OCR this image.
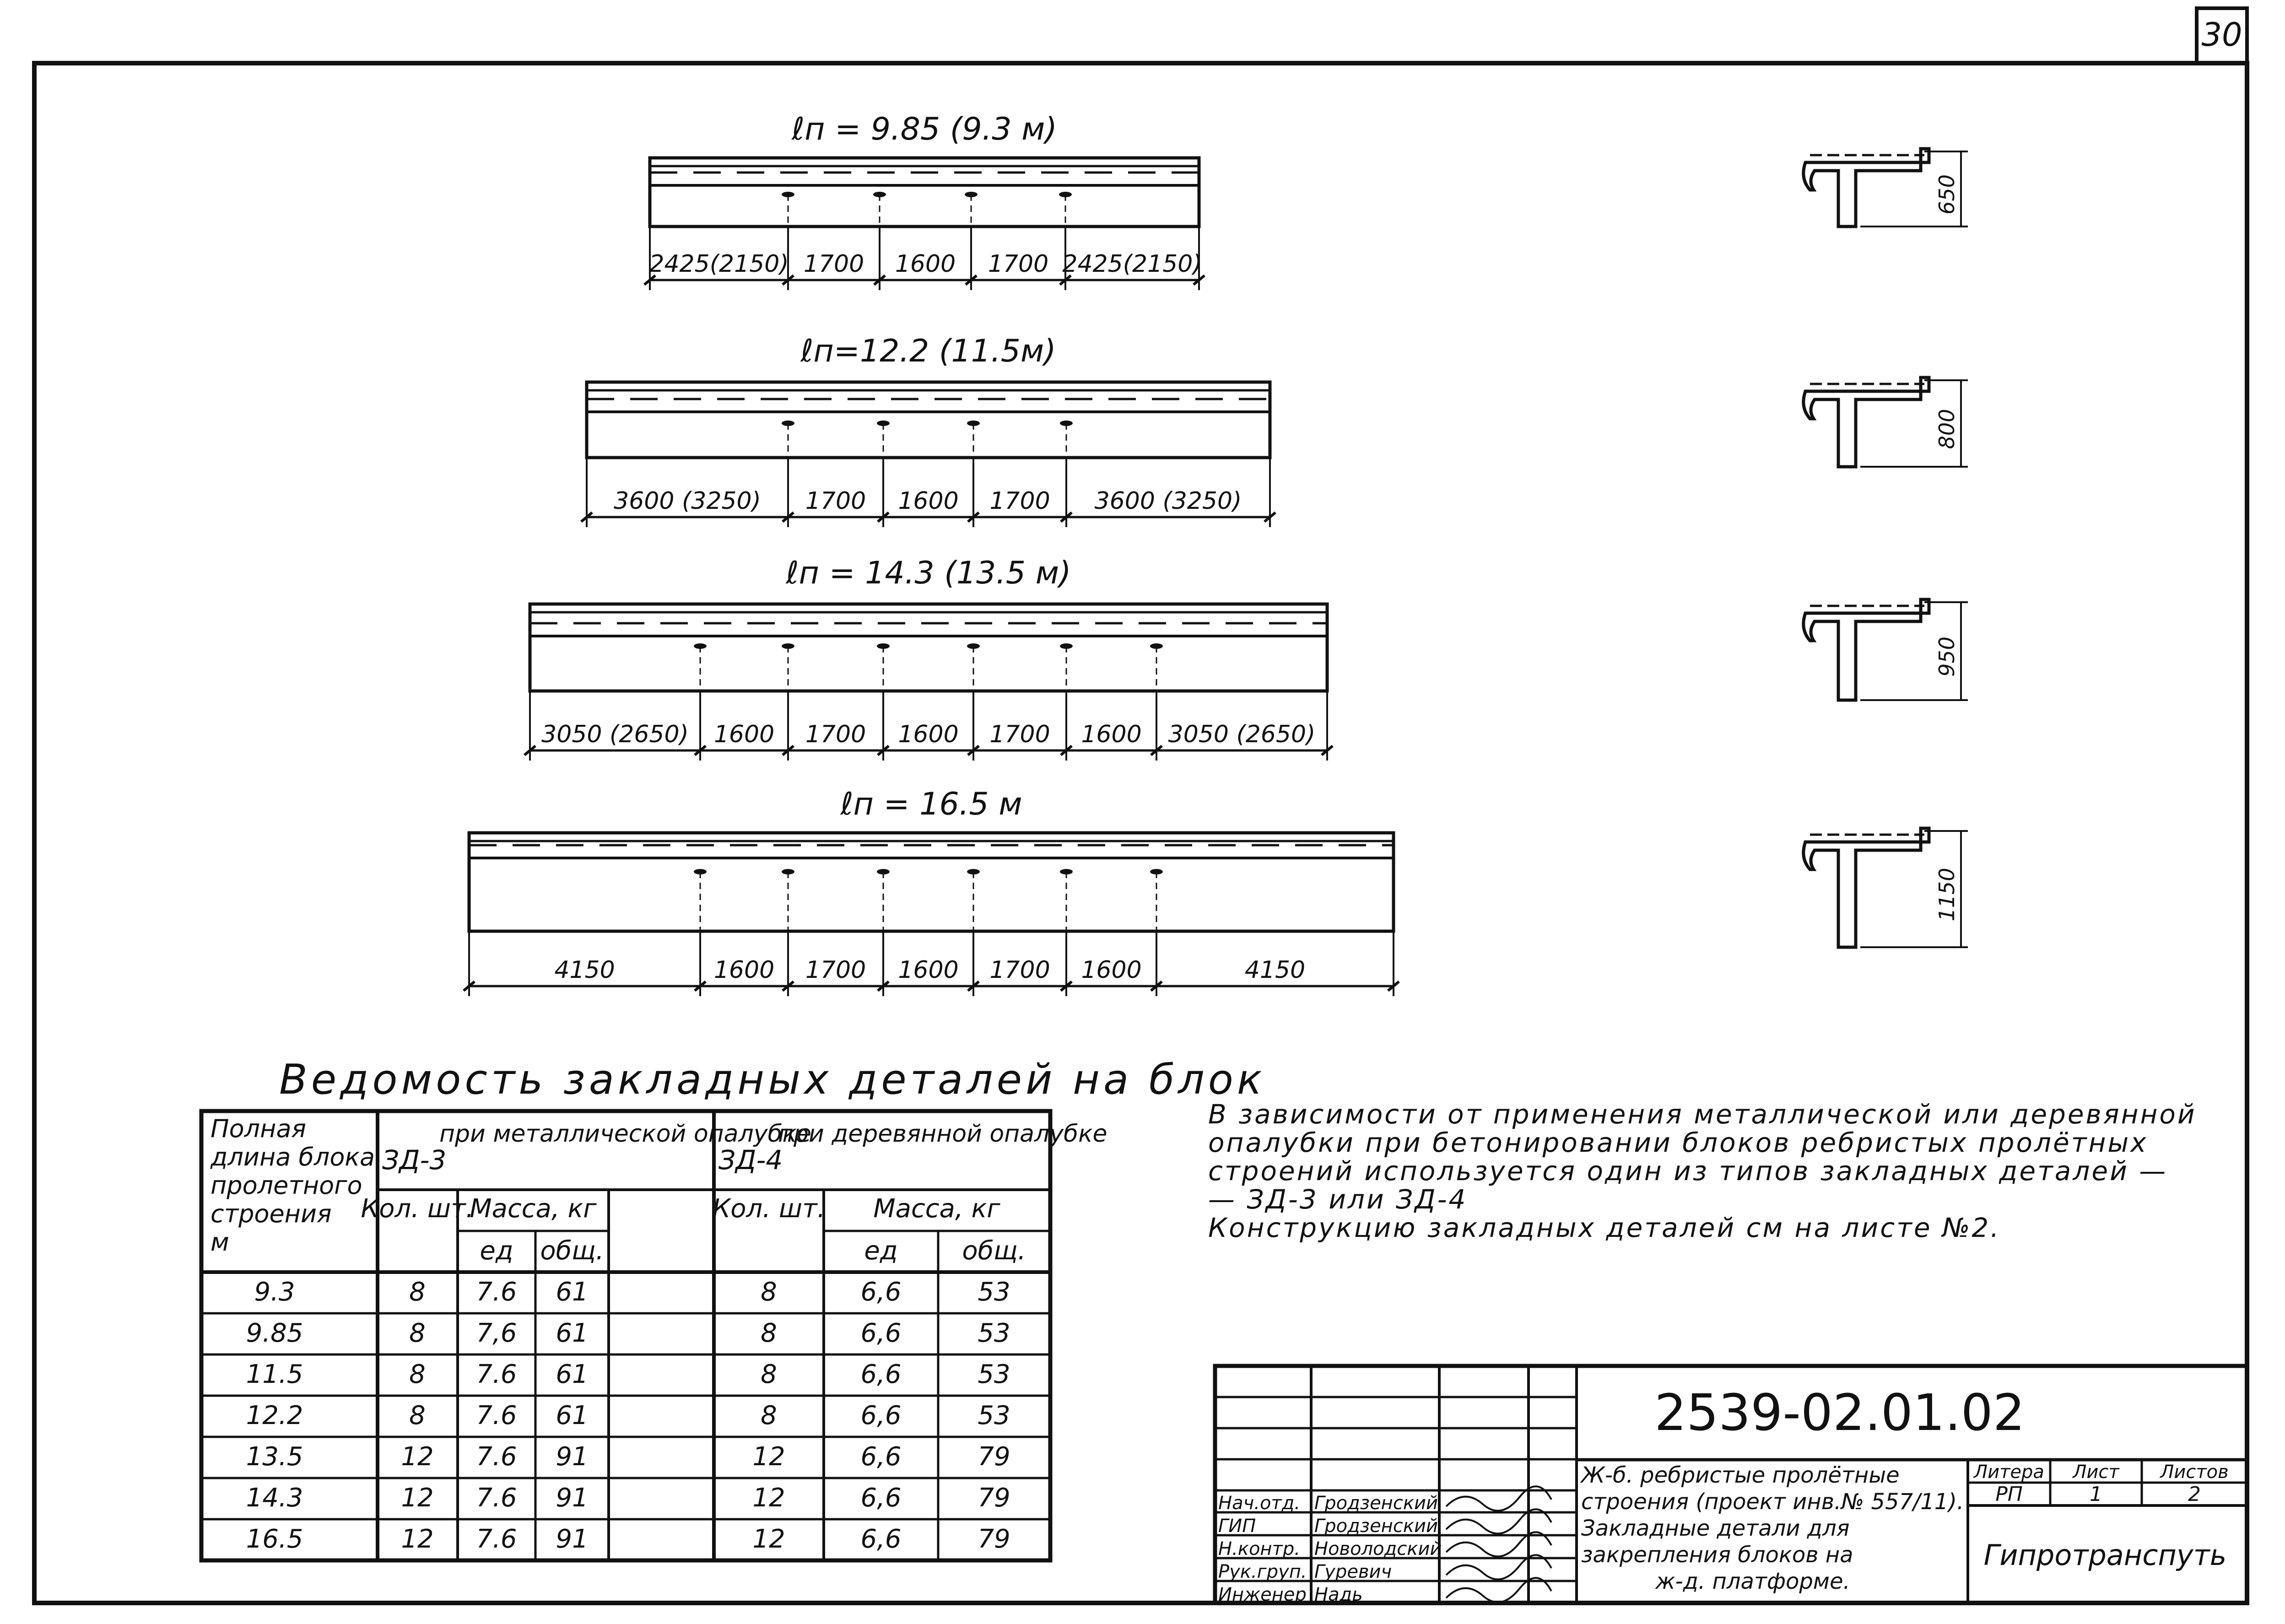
30
ℓп = 9.85 (9.3 м)
2425(2150) 1700 1600 1700 2425(2150)
ℓп=12.2 (11.5м)
3600 (3250) 1700 1600 1700 3600 (3250)
ℓп = 14.3 (13.5 м)
3050 (2650) 1600 1700 1600 1700 1600 3050 (2650)
ℓп = 16.5 м
4150	1600 1700 1600 1700 1600	4150
650
800
950
1150
Ведомость закладных деталей на блок
Полная
длина блока
пролетного
строения
м
ЗД-3
при металлической опалубке
ЗД-4
при деревянной опалубке
Кол. шт.	Кол. шт.
Масса, кг	Масса, кг
ед общ.	ед	общ.
9.3	8 7.6 61	8	6,6	53
9.85	8 7,6 61	8	6,6	53
11.5	8 7.6 61	8	6,6	53
12.2	8 7.6 61	8	6,6	53
13.5	12 7.6 91	12	6,6	79
14.3	12 7.6 91	12	6,6	79
16.5	12 7.6 91	12	6,6	79
В зависимости от применения металлической или деревянной
опалубки при бетонировании блоков ребристых пролётных
строений используется один из типов закладных деталей —
— ЗД-3 или ЗД-4
Конструкцию закладных деталей см на листе №2.
2539-02.01.02
Нач.отд. Гродзенский
ГИП	Гродзенский
Н.контр. Новолодский
Рук.груп. Гуревич
Инженер Надь
Ж-б. ребристые пролётные
строения (проект инв.№ 557/11).
Закладные детали для
закрепления блоков на
ж-д. платформе.
Литера Лист Листов
РП	1	2
Гипротранспуть
